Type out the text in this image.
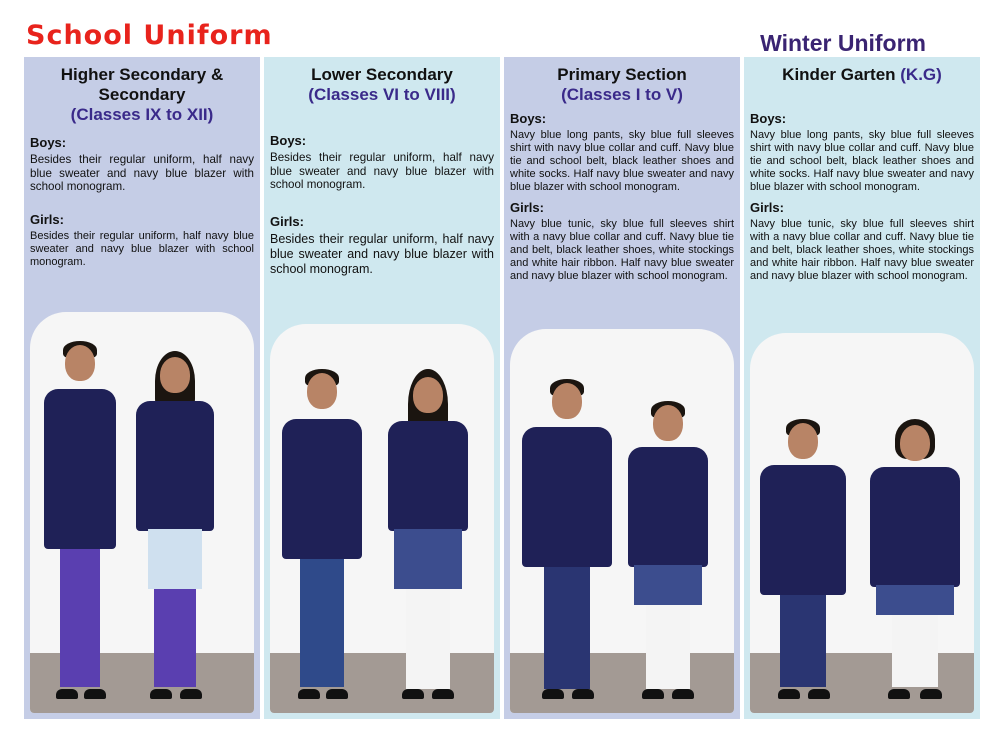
School Uniform	Winter Uniform
Higher Secondary &
Secondary
(Classes IX to XII)
Boys:
Besides their regular uniform, half navy blue sweater and navy blue blazer with school monogram.
Girls:
Besides their regular uniform, half navy blue sweater and navy blue blazer with school monogram.
Lower Secondary
(Classes VI to VIII)
Boys:
Besides their regular uniform, half navy blue sweater and navy blue blazer with school monogram.
Girls:
Besides their regular uniform, half navy blue sweater and navy blue blazer with school monogram.
Primary Section
(Classes I to V)
Boys:
Navy blue long pants, sky blue full sleeves shirt with navy blue collar and cuff. Navy blue tie and school belt, black leather shoes and white socks. Half navy blue sweater and navy blue blazer with school monogram.
Girls:
Navy blue tunic, sky blue full sleeves shirt with a navy blue collar and cuff. Navy blue tie and belt, black leather shoes, white stockings and white hair ribbon. Half navy blue sweater and navy blue blazer with school monogram.
Kinder Garten (K.G)
Boys:
Navy blue long pants, sky blue full sleeves shirt with navy blue collar and cuff. Navy blue tie and school belt, black leather shoes and white socks. Half navy blue sweater and navy blue blazer with school monogram.
Girls:
Navy blue tunic, sky blue full sleeves shirt with a navy blue collar and cuff. Navy blue tie and belt, black leather shoes, white stockings and white hair ribbon. Half navy blue sweater and navy blue blazer with school monogram.
